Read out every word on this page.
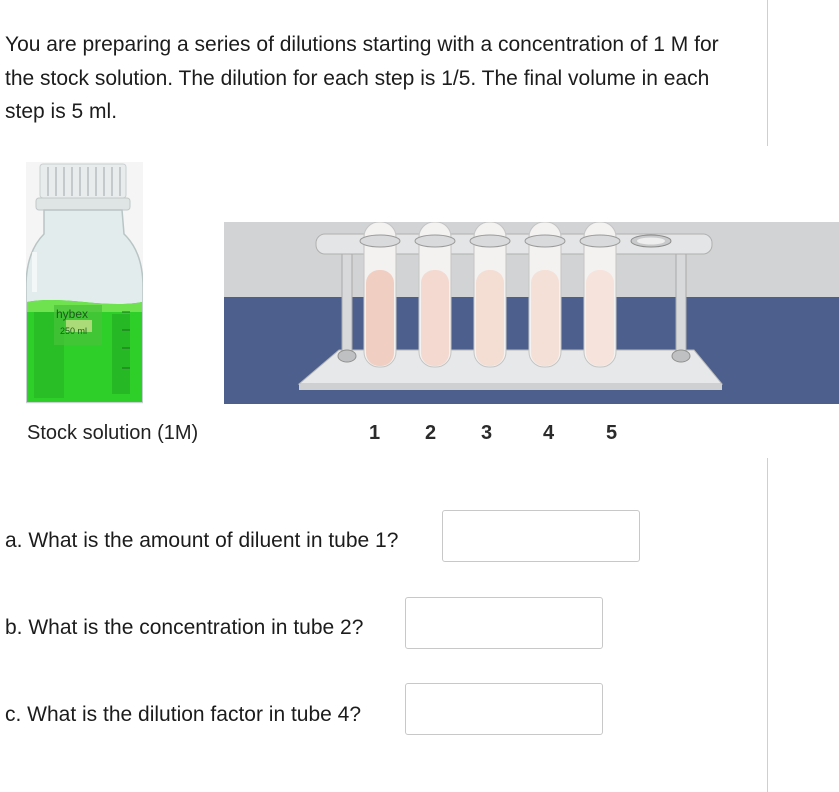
You are preparing a series of dilutions starting with a concentration of 1 M for the stock solution. The dilution for each step is 1/5. The final volume in each step is 5 ml.

hybex
250 ml
Stock solution (1M)	1 2 3	4	5
a. What is the amount of diluent in tube 1?
b. What is the concentration in tube 2?
c. What is the dilution factor in tube 4?
